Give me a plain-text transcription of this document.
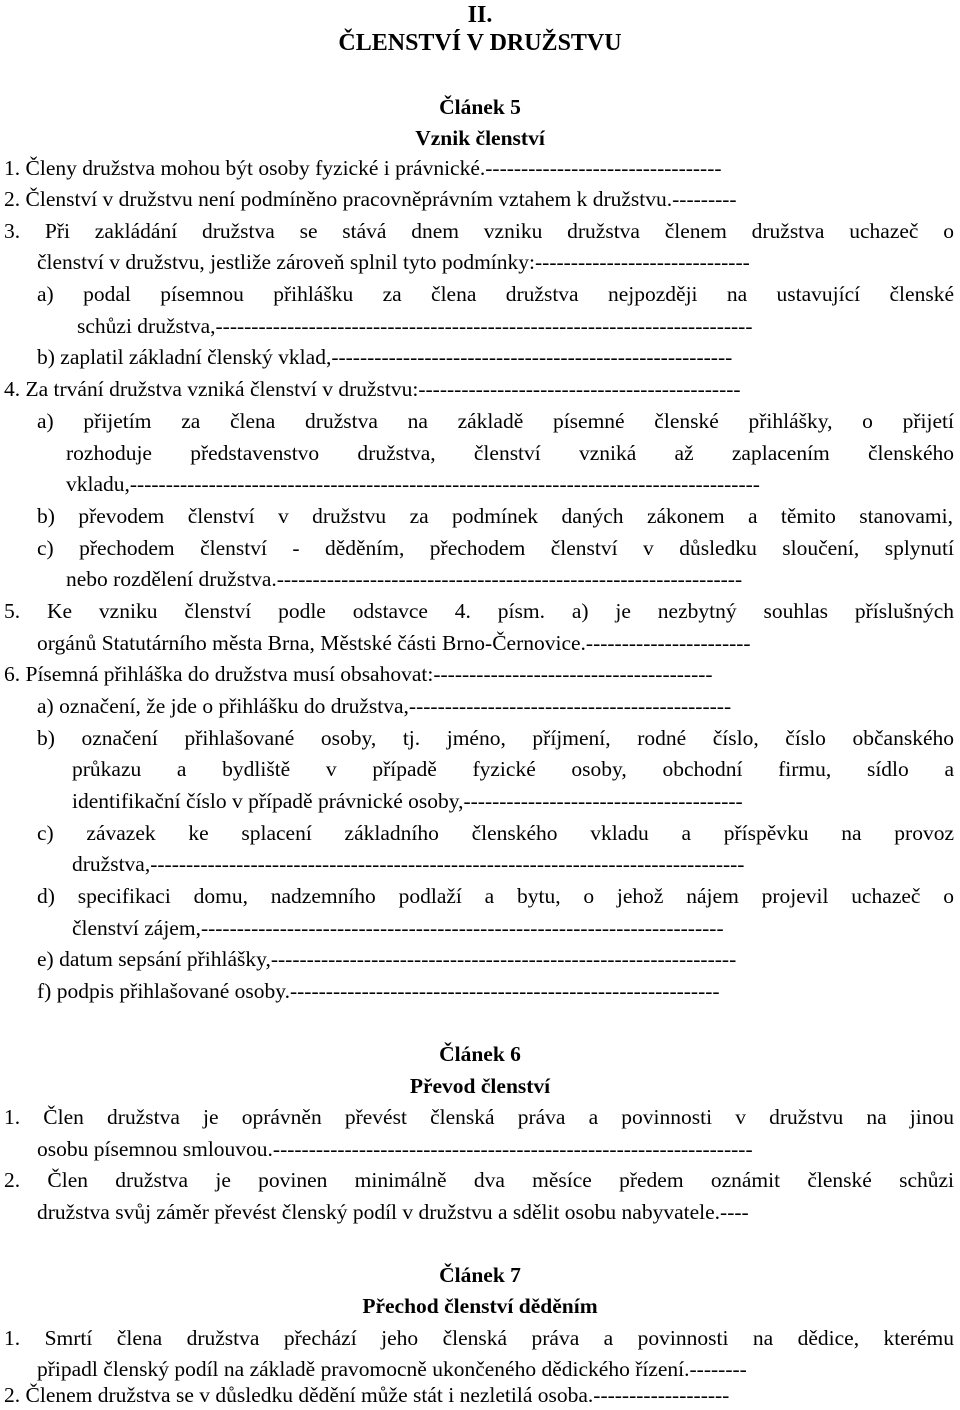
II.
ČLENSTVÍ V DRUŽSTVU
Článek 5
Vznik členství
1. Členy družstva mohou být osoby fyzické i právnické.---------------------------------
2. Členství v družstvu není podmíněno pracovněprávním vztahem k družstvu.---------
3. Při zakládání družstva se stává dnem vzniku družstva členem družstva uchazeč o
členství v družstvu, jestliže zároveň splnil tyto podmínky:------------------------------
a) podal písemnou přihlášku za člena družstva nejpozději na ustavující členské
schůzi družstva,---------------------------------------------------------------------------
b) zaplatil základní členský vklad,--------------------------------------------------------
4. Za trvání družstva vzniká členství v družstvu:---------------------------------------------
a) přijetím za člena družstva na základě písemné členské přihlášky, o přijetí
rozhoduje představenstvo družstva, členství vzniká až zaplacením členského
vkladu,----------------------------------------------------------------------------------------
b) převodem členství v družstvu za podmínek daných zákonem a těmito stanovami,
c) přechodem členství - děděním, přechodem členství v důsledku sloučení, splynutí
nebo rozdělení družstva.-----------------------------------------------------------------
5. Ke vzniku členství podle odstavce 4. písm. a) je nezbytný souhlas příslušných
orgánů Statutárního města Brna, Městské části Brno-Černovice.-----------------------
6. Písemná přihláška do družstva musí obsahovat:---------------------------------------
a) označení, že jde o přihlášku do družstva,---------------------------------------------
b) označení přihlašované osoby, tj. jméno, příjmení, rodné číslo, číslo občanského
průkazu a bydliště v případě fyzické osoby, obchodní firmu, sídlo a
identifikační číslo v případě právnické osoby,---------------------------------------
c) závazek ke splacení základního členského vkladu a příspěvku na provoz
družstva,-----------------------------------------------------------------------------------
d) specifikaci domu, nadzemního podlaží a bytu, o jehož nájem projevil uchazeč o
členství zájem,-------------------------------------------------------------------------
e) datum sepsání přihlášky,-----------------------------------------------------------------
f) podpis přihlašované osoby.------------------------------------------------------------
Článek 6
Převod členství
1. Člen družstva je oprávněn převést členská práva a povinnosti v družstvu na jinou
osobu písemnou smlouvou.-------------------------------------------------------------------
2. Člen družstva je povinen minimálně dva měsíce předem oznámit členské schůzi
družstva svůj záměr převést členský podíl v družstvu a sdělit osobu nabyvatele.----
Článek 7
Přechod členství děděním
1. Smrtí člena družstva přechází jeho členská práva a povinnosti na dědice, kterému
připadl členský podíl na základě pravomocně ukončeného dědického řízení.--------
2. Členem družstva se v důsledku dědění může stát i nezletilá osoba.-------------------
